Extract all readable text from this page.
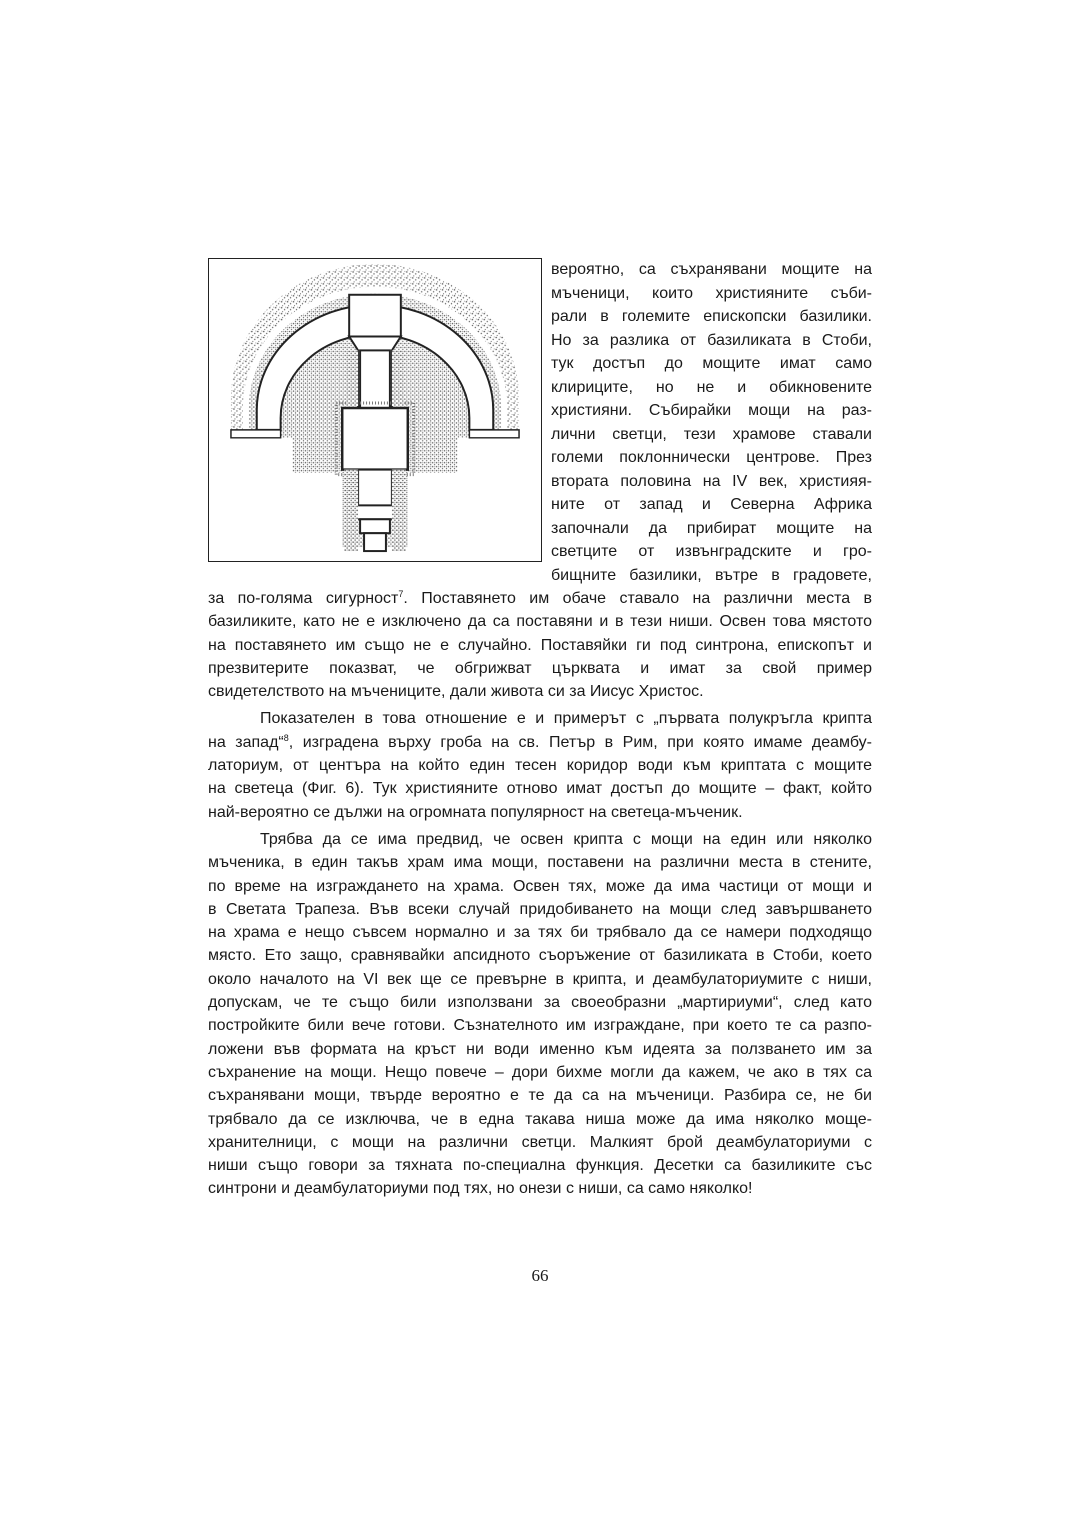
вероятно, са съхранявани мощите на
мъченици, които християните съби-
рали в големите епископски базилики.
Но за разлика от базиликата в Стоби,
тук достъп до мощите имат само
клириците, но не и обикновените
християни. Събирайки мощи на раз-
лични светци, тези храмове ставали
големи поклоннически центрове. През
втората половина на IV век, християя-
ните от запад и Северна Африка
започнали да прибират мощите на
светците от извънградските и гро-
бищните базилики, вътре в градовете,

за по-голяма сигурност$^7$. Поставянето им обаче ставало на различни места в
базиликите, като не е изключено да са поставяни и в тези ниши. Освен това мястото
на поставянето им също не е случайно. Поставяйки ги под синтрона, епископът и
презвитерите показват, че обгрижват църквата и имат за свой пример
свидетелството на мъчениците, дали живота си за Иисус Христос.

Показателен в това отношение е и примерът с „първата полукръгла крипта
на запад“$^8$, изградена върху гроба на св. Петър в Рим, при която имаме деамбу-
латориум, от центъра на който един тесен коридор води към криптата с мощите
на светеца (Фиг. 6). Тук християните отново имат достъп до мощите – факт, който
най-вероятно се дължи на огромната популярност на светеца-мъченик.

Трябва да се има предвид, че освен крипта с мощи на един или няколко
мъченика, в един такъв храм има мощи, поставени на различни места в стените,
по време на изграждането на храма. Освен тях, може да има частици от мощи и
в Светата Трапеза. Във всеки случай придобиването на мощи след завършването
на храма е нещо съвсем нормално и за тях би трябвало да се намери подходящо
място. Ето защо, сравнявайки апсидното съоръжение от базиликата в Стоби, което
около началото на VI век ще се превърне в крипта, и деамбулаториумите с ниши,
допускам, че те също били използвани за своеобразни „мартириуми“, след като
постройките били вече готови. Съзнателното им изграждане, при което те са разпо-
ложени във формата на кръст ни води именно към идеята за ползването им за
съхранение на мощи. Нещо повече – дори бихме могли да кажем, че ако в тях са
съхранявани мощи, твърде вероятно е те да са на мъченици. Разбира се, не би
трябвало да се изключва, че в една такава ниша може да има няколко моще-
хранителници, с мощи на различни светци. Малкият брой деамбулаториуми с
ниши също говори за тяхната по-специална функция. Десетки са базиликите със
синтрони и деамбулаториуми под тях, но онези с ниши, са само няколко!

66
